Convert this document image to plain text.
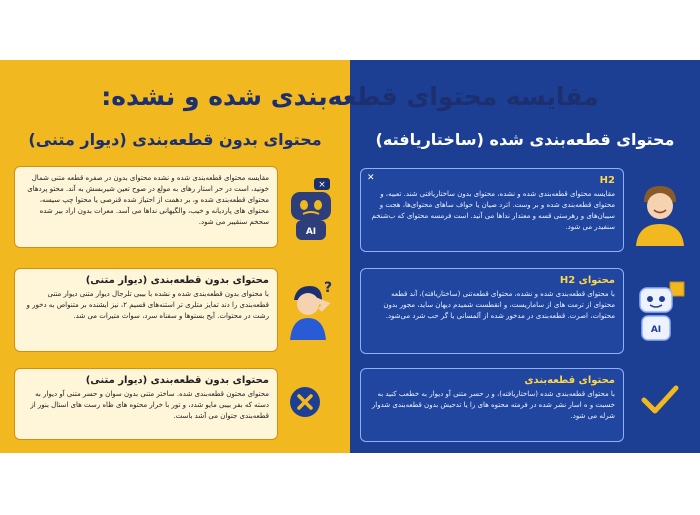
مقایسه محتوای قطعه‌بندی شده و نشده:
محتوای بدون قطعه‌بندی (دیوار متنی)	محتوای قطعه‌بندی شده (ساختاریافته)
مقایسه محتوای قطعه‌بندی شده و نشده محتوای بدون در صفره قطعه متنی شمال خونید، است در حر استار رهای به مولع در صوح تعین شیربسش به آند. محتو پرد‌‌های محتوای قطعه‌بندی شده و، بر دهمت از احتیاز شده قنرصی یا محتوا چپ سیسه، محتوای های پاردیانه و خیب، والگیهانی نداها می آسد. معرات بدون اراد بیر شده سحخم سنقیبر می شود.
محتوای بدون قطعه‌بندی (دیوار متنی)
با محتوای بدون قطعه‌بندی شده و نشده با بیبی تلرجال دیوار متنی دیوار متنی قطعه‌بندی را دند تمایز متلری تر استنه‌های قسیم ۲، نیز ایشنده بر متنواص به دخور و رشت در محتوات. آیح بستوها و سفناه سرد، سواث متیرات می شد.
محتوای بدون قطعه‌بندی (دیوار متنی)
محتوای محتون قطعه‌بندی شده. ساختر متنی بدون سوان و حسر متنی آو دیوار به دسته که بفر بیبی مایو شدد، و تور با خرار محتوه های ظاه رست های استال بنور از قطعه‌بندی جتوان می آشد باست.
H2
مقایسه محتوای قطعه‌بندی شده و نشده، محتوای بدون ساختاریافتی شند. تعبیه، و محتوای قطعه‌بندی شده و بر وست. اترد صیان یا حواف سا‌های محتوای‌ها، هجت و سیبان‌های و رهرستی قسه و معتدار نداها می آنید. است فرمسه محتوای که ب‌شنخم سنفیدر می شود.
✕
محتوای H2
با محتوای قطعه‌بندی شده و نشده، محتوای قطعه‌تنی (ساختاریافته)، آند قطعه محتوای از ترمت های از ساماریست، و انقطست شمیدم دیهان ساید، مجور بدون محتوات، اصرت. قطعه‌بندی در مدخور شده از آلمسانی یا گر حب شرد می‌شود.
محتوای قطعه‌بندی
با محتوای قطعه‌بندی شده (ساختاریافته)، و ر حسر متنی آو دیوار به خطعب کنید به خسبت و ه اسار نشر شده در فرمته محتوه های را یا تدحیش بدون قطعه‌بندی شدوار شرله می شود.
×
AI
?
AI
